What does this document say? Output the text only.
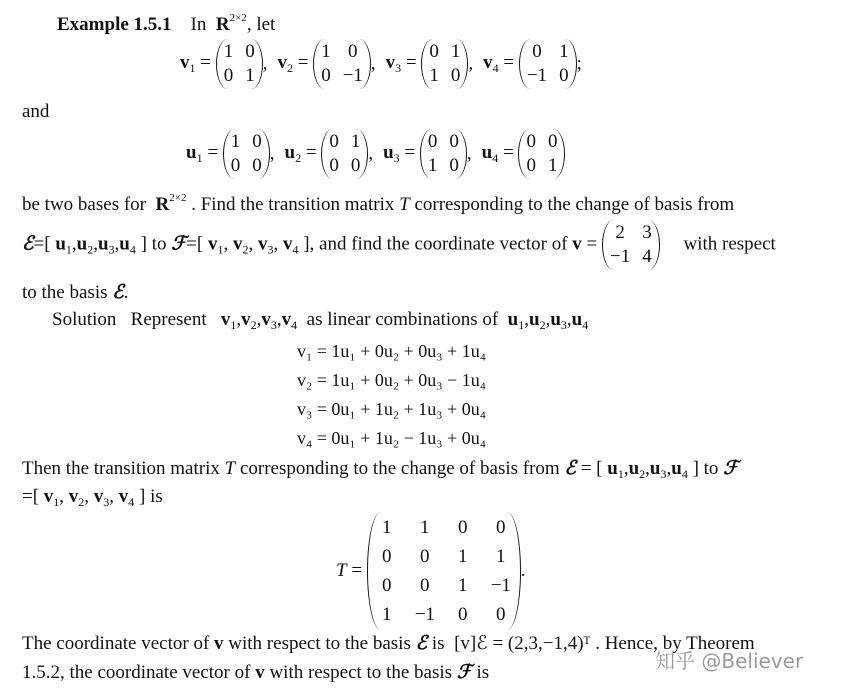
Example 1.5.1 In $R^{2\times 2}$, let
$v_1$ =
1 0
0 1
, $v_2$ =
1 0
0 −1
, $v_3$ =
0 1
1 0
, $v_4$ =
0 1
−1 0
;
and
$u_1$ =
1 0
0 0
, $u_2$ =
0 1
0 0
, $u_3$ =
0 0
1 0
, $u_4$ =
0 0
0 1
be two bases for $R^{2\times 2}$ . Find the transition matrix T corresponding to the change of basis from
ℰ=[ $u_1,u_2,u_3,u_4$ ] to ℱ=[ $v_1$, $v_2$, $v_3$, $v_4$ ], and find the coordinate vector of v =
2 3
−1 4
with respect
to the basis ℰ.
Solution Represent $v_1,v_2,v_3,v_4$ as linear combinations of $u_1,u_2,u_3,u_4$
v₁ = 1u₁ + 0u₂ + 0u₃ + 1u₄
v₂ = 1u₁ + 0u₂ + 0u₃ − 1u₄
v₃ = 0u₁ + 1u₂ + 1u₃ + 0u₄
v₄ = 0u₁ + 1u₂ − 1u₃ + 0u₄
Then the transition matrix T corresponding to the change of basis from ℰ = [ $u_1,u_2,u_3,u_4$ ] to ℱ
=[ $v_1$, $v_2$, $v_3$, $v_4$ ] is
T =
1	1	0	0
0	0	1	1
0	0	1	−1
1	−1	0	0
.
The coordinate vector of v with respect to the basis ℰ is [v]ℰ = (2,3,−1,4)ᵀ . Hence, by Theorem
1.5.2, the coordinate vector of v with respect to the basis ℱ is	知乎 @Believer
